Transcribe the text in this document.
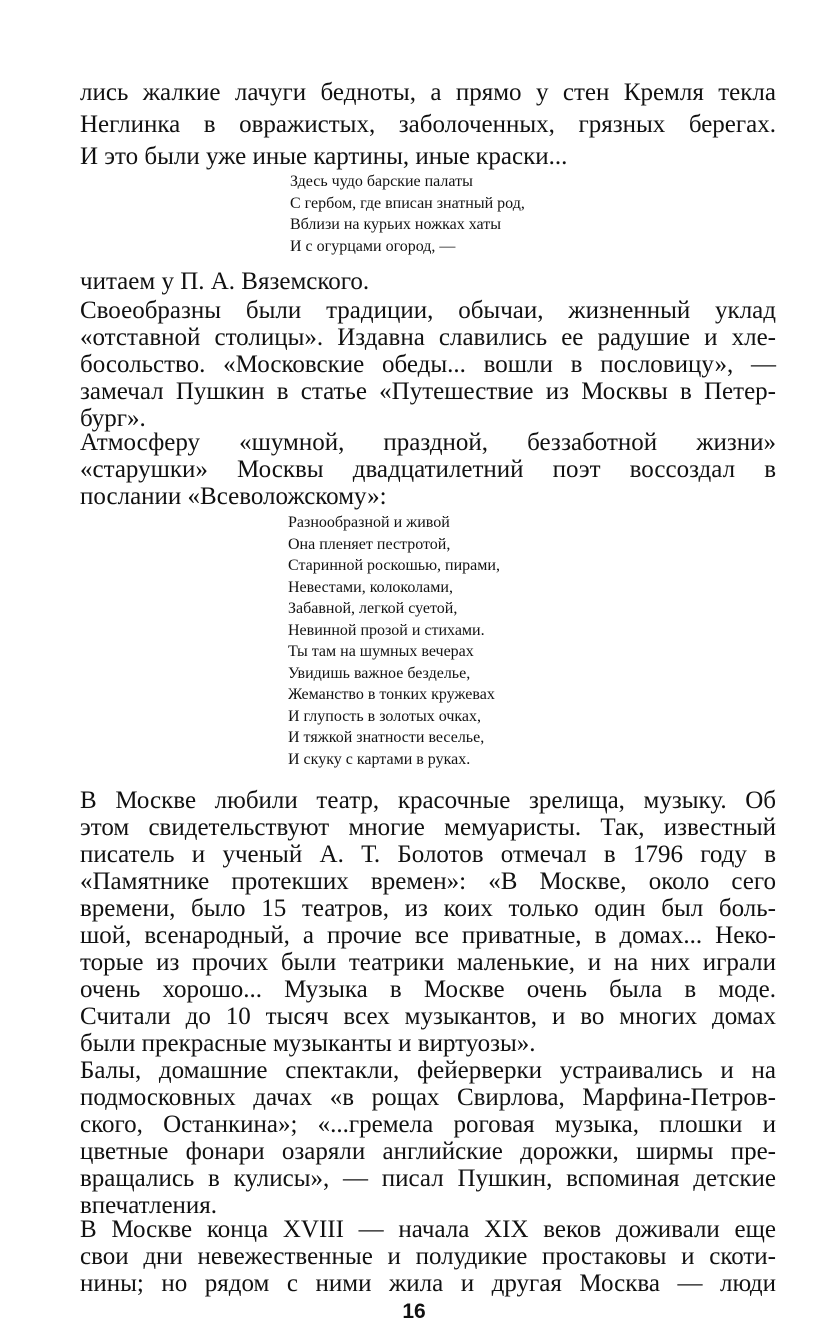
лись жалкие лачуги бедноты, а прямо у стен Кремля текла
Неглинка в овражистых, заболоченных, грязных берегах.
И это были уже иные картины, иные краски...
Здесь чудо барские палаты
С гербом, где вписан знатный род,
Вблизи на курьих ножках хаты
И с огурцами огород, —
читаем у П. А. Вяземского.
Своеобразны были традиции, обычаи, жизненный уклад
«отставной столицы». Издавна славились ее радушие и хле-
босольство. «Московские обеды... вошли в пословицу», —
замечал Пушкин в статье «Путешествие из Москвы в Петер-
бург».
Атмосферу «шумной, праздной, беззаботной жизни»
«старушки» Москвы двадцатилетний поэт воссоздал в
послании «Всеволожскому»:
Разнообразной и живой
Она пленяет пестротой,
Старинной роскошью, пирами,
Невестами, колоколами,
Забавной, легкой суетой,
Невинной прозой и стихами.
Ты там на шумных вечерах
Увидишь важное безделье,
Жеманство в тонких кружевах
И глупость в золотых очках,
И тяжкой знатности веселье,
И скуку с картами в руках.
В Москве любили театр, красочные зрелища, музыку. Об
этом свидетельствуют многие мемуаристы. Так, известный
писатель и ученый А. Т. Болотов отмечал в 1796 году в
«Памятнике протекших времен»: «В Москве, около сего
времени, было 15 театров, из коих только один был боль-
шой, всенародный, а прочие все приватные, в домах... Неко-
торые из прочих были театрики маленькие, и на них играли
очень хорошо... Музыка в Москве очень была в моде.
Считали до 10 тысяч всех музыкантов, и во многих домах
были прекрасные музыканты и виртуозы».
Балы, домашние спектакли, фейерверки устраивались и на
подмосковных дачах «в рощах Свирлова, Марфина-Петров-
ского, Останкина»; «...гремела роговая музыка, плошки и
цветные фонари озаряли английские дорожки, ширмы пре-
вращались в кулисы», — писал Пушкин, вспоминая детские
впечатления.
В Москве конца XVIII — начала XIX веков доживали еще
свои дни невежественные и полудикие простаковы и скоти-
нины; но рядом с ними жила и другая Москва — люди
16
